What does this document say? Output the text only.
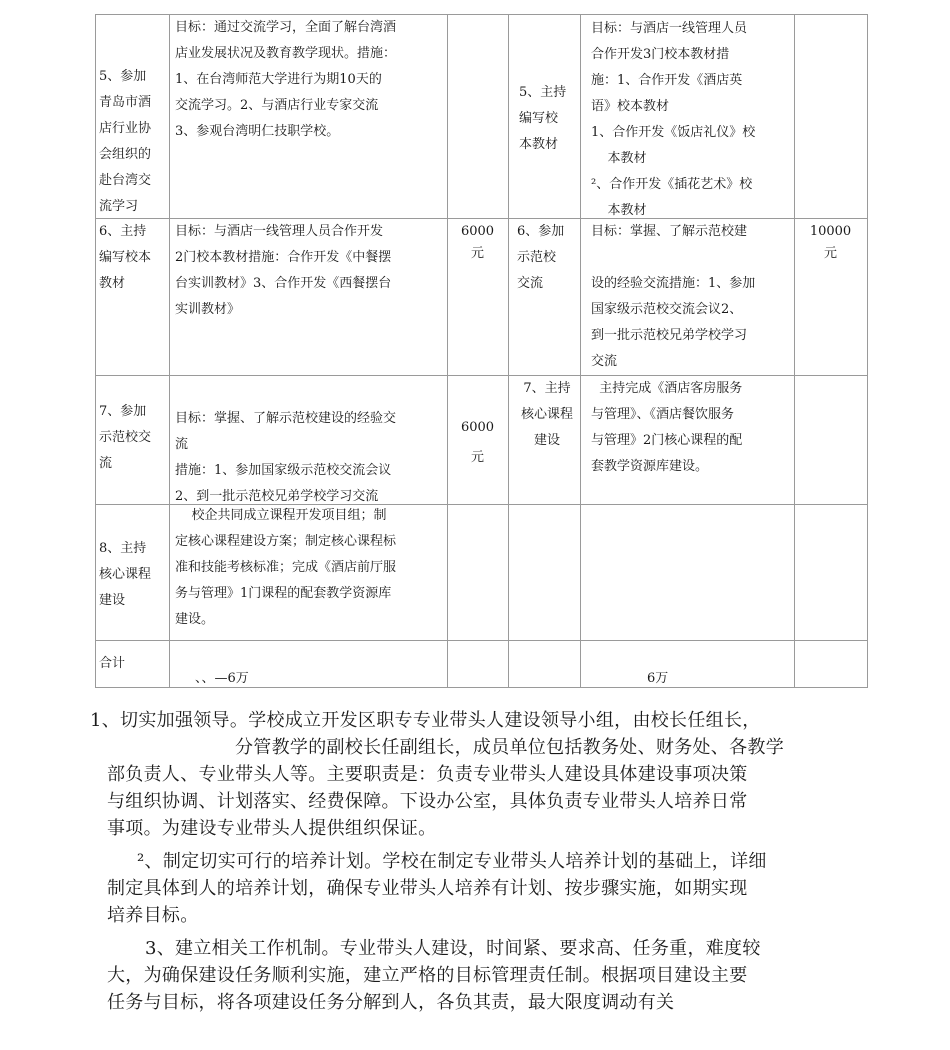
5、参加
青岛市酒
店行业协
会组织的
赴台湾交
流学习
目标：通过交流学习，全面了解台湾酒
店业发展状况及教育教学现状。措施：
1、在台湾师范大学进行为期10天的
交流学习。2、与酒店行业专家交流
3、参观台湾明仁技职学校。
5、主持
编写校
本教材
目标：与酒店一线管理人员
合作开发3门校本教材措
施：1、合作开发《酒店英
语》校本教材
1、合作开发《饭店礼仪》校
本教材
²、合作开发《插花艺术》校
本教材
6、主持
编写校本
教材
目标：与酒店一线管理人员合作开发
2门校本教材措施：合作开发《中餐摆
台实训教材》3、合作开发《西餐摆台
实训教材》
6000
元
6、参加
示范校
交流
目标：掌握、了解示范校建

设的经验交流措施：1、参加
国家级示范校交流会议2、
到一批示范校兄弟学校学习
交流
10000
元
7、参加
示范校交
流
目标：掌握、了解示范校建设的经验交
流
措施：1、参加国家级示范校交流会议
2、到一批示范校兄弟学校学习交流
6000
元
7、主持
核心课程
建设
主持完成《酒店客房服务
与管理》、《酒店餐饮服务
与管理》2门核心课程的配
套教学资源库建设。
8、主持
核心课程
建设
校企共同成立课程开发项目组；制
定核心课程建设方案；制定核心课程标
准和技能考核标准；完成《酒店前厅服
务与管理》1门课程的配套教学资源库
建设。
合计
、、—6万	6万
1、切实加强领导。学校成立开发区职专专业带头人建设领导小组，由校长任组长，
分管教学的副校长任副组长，成员单位包括教务处、财务处、各教学
部负责人、专业带头人等。主要职责是：负责专业带头人建设具体建设事项决策
与组织协调、计划落实、经费保障。下设办公室，具体负责专业带头人培养日常
事项。为建设专业带头人提供组织保证。
²、制定切实可行的培养计划。学校在制定专业带头人培养计划的基础上，详细
制定具体到人的培养计划，确保专业带头人培养有计划、按步骤实施，如期实现
培养目标。
3、建立相关工作机制。专业带头人建设，时间紧、要求高、任务重，难度较
大，为确保建设任务顺利实施，建立严格的目标管理责任制。根据项目建设主要
任务与目标，将各项建设任务分解到人，各负其责，最大限度调动有关
